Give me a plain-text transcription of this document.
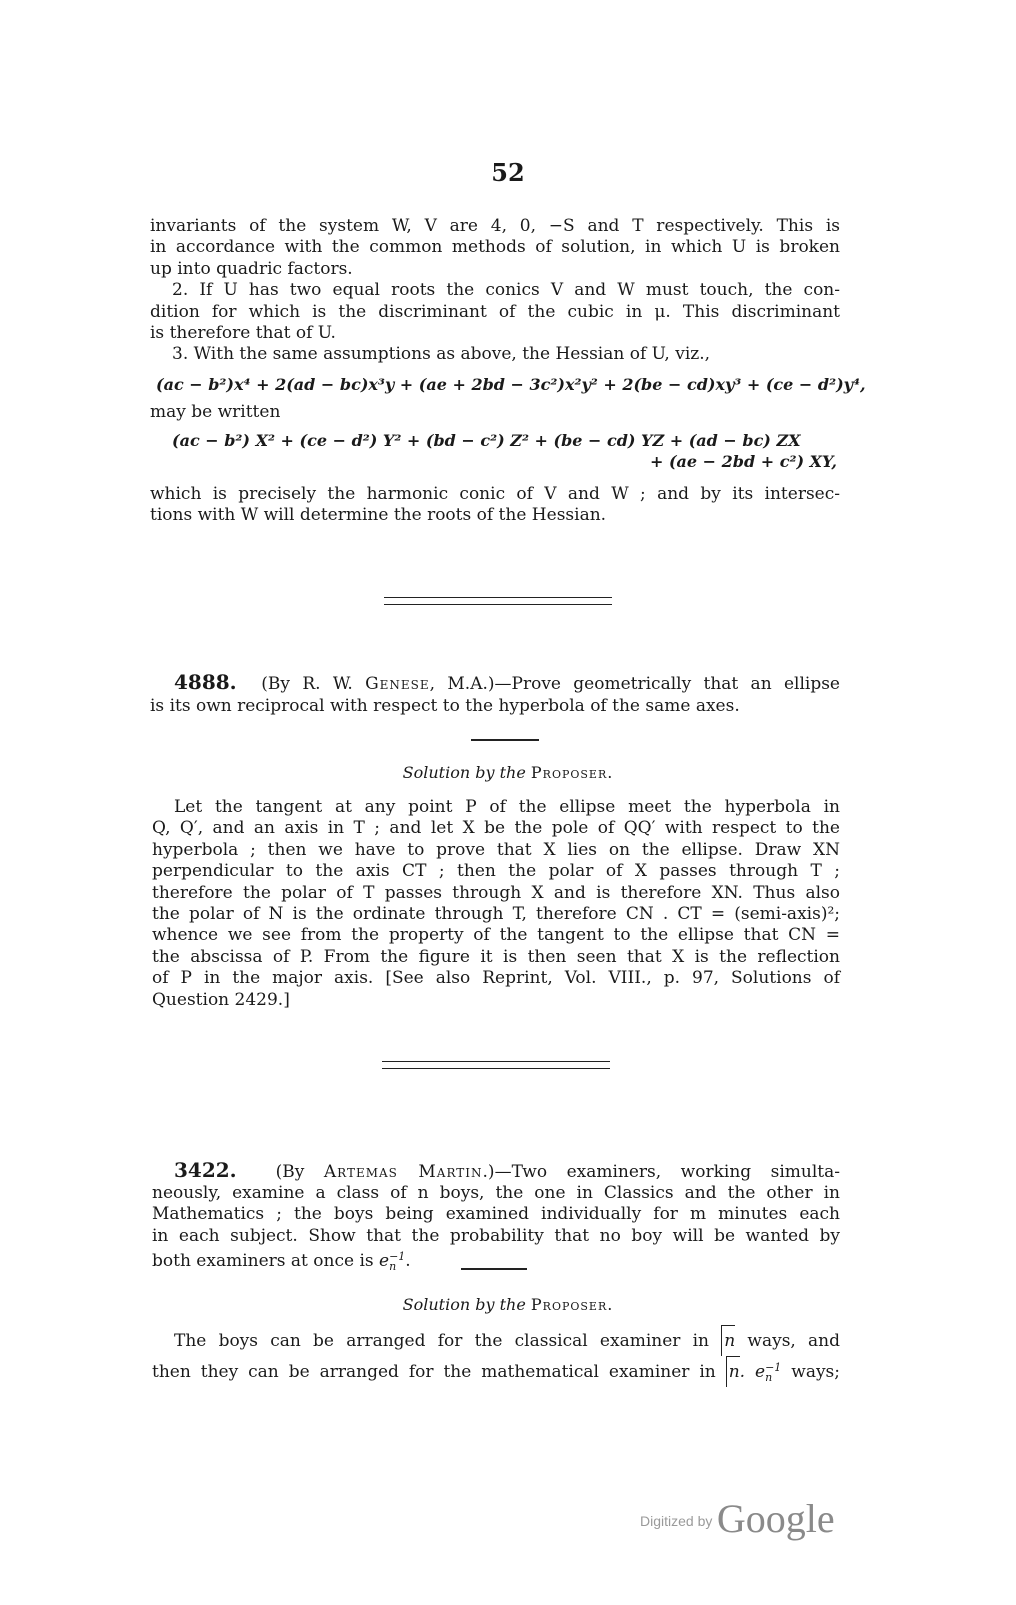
52
invariants of the system W, V are 4, 0, −S and T respectively. This is
in accordance with the common methods of solution, in which U is broken
up into quadric factors.
2. If U has two equal roots the conics V and W must touch, the con-
dition for which is the discriminant of the cubic in μ. This discriminant
is therefore that of U.
3. With the same assumptions as above, the Hessian of U, viz.,
(ac − b²)x⁴ + 2(ad − bc)x³y + (ae + 2bd − 3c²)x²y² + 2(be − cd)xy³ + (ce − d²)y⁴,
may be written
(ac − b²) X² + (ce − d²) Y² + (bd − c²) Z² + (be − cd) YZ + (ad − bc) ZX
+ (ae − 2bd + c²) XY,
which is precisely the harmonic conic of V and W ; and by its intersec-
tions with W will determine the roots of the Hessian.
4888. (By R. W. Genese, M.A.)—Prove geometrically that an ellipse
is its own reciprocal with respect to the hyperbola of the same axes.
Solution by the Proposer.
Let the tangent at any point P of the ellipse meet the hyperbola in
Q, Q′, and an axis in T ; and let X be the pole of QQ′ with respect to the
hyperbola ; then we have to prove that X lies on the ellipse. Draw XN
perpendicular to the axis CT ; then the polar of X passes through T ;
therefore the polar of T passes through X and is therefore XN. Thus also
the polar of N is the ordinate through T, therefore CN . CT = (semi-axis)²;
whence we see from the property of the tangent to the ellipse that CN =
the abscissa of P. From the figure it is then seen that X is the reflection
of P in the major axis. [See also Reprint, Vol. VIII., p. 97, Solutions of
Question 2429.]
3422. (By Artemas Martin.)—Two examiners, working simulta-
neously, examine a class of n boys, the one in Classics and the other in
Mathematics ; the boys being examined individually for m minutes each
in each subject. Show that the probability that no boy will be wanted by
both examiners at once is e −1
n .
Solution by the Proposer.
The boys can be arranged for the classical examiner in n ways, and
then they can be arranged for the mathematical examiner in n. e −1
n	ways;
Digitized by Google
